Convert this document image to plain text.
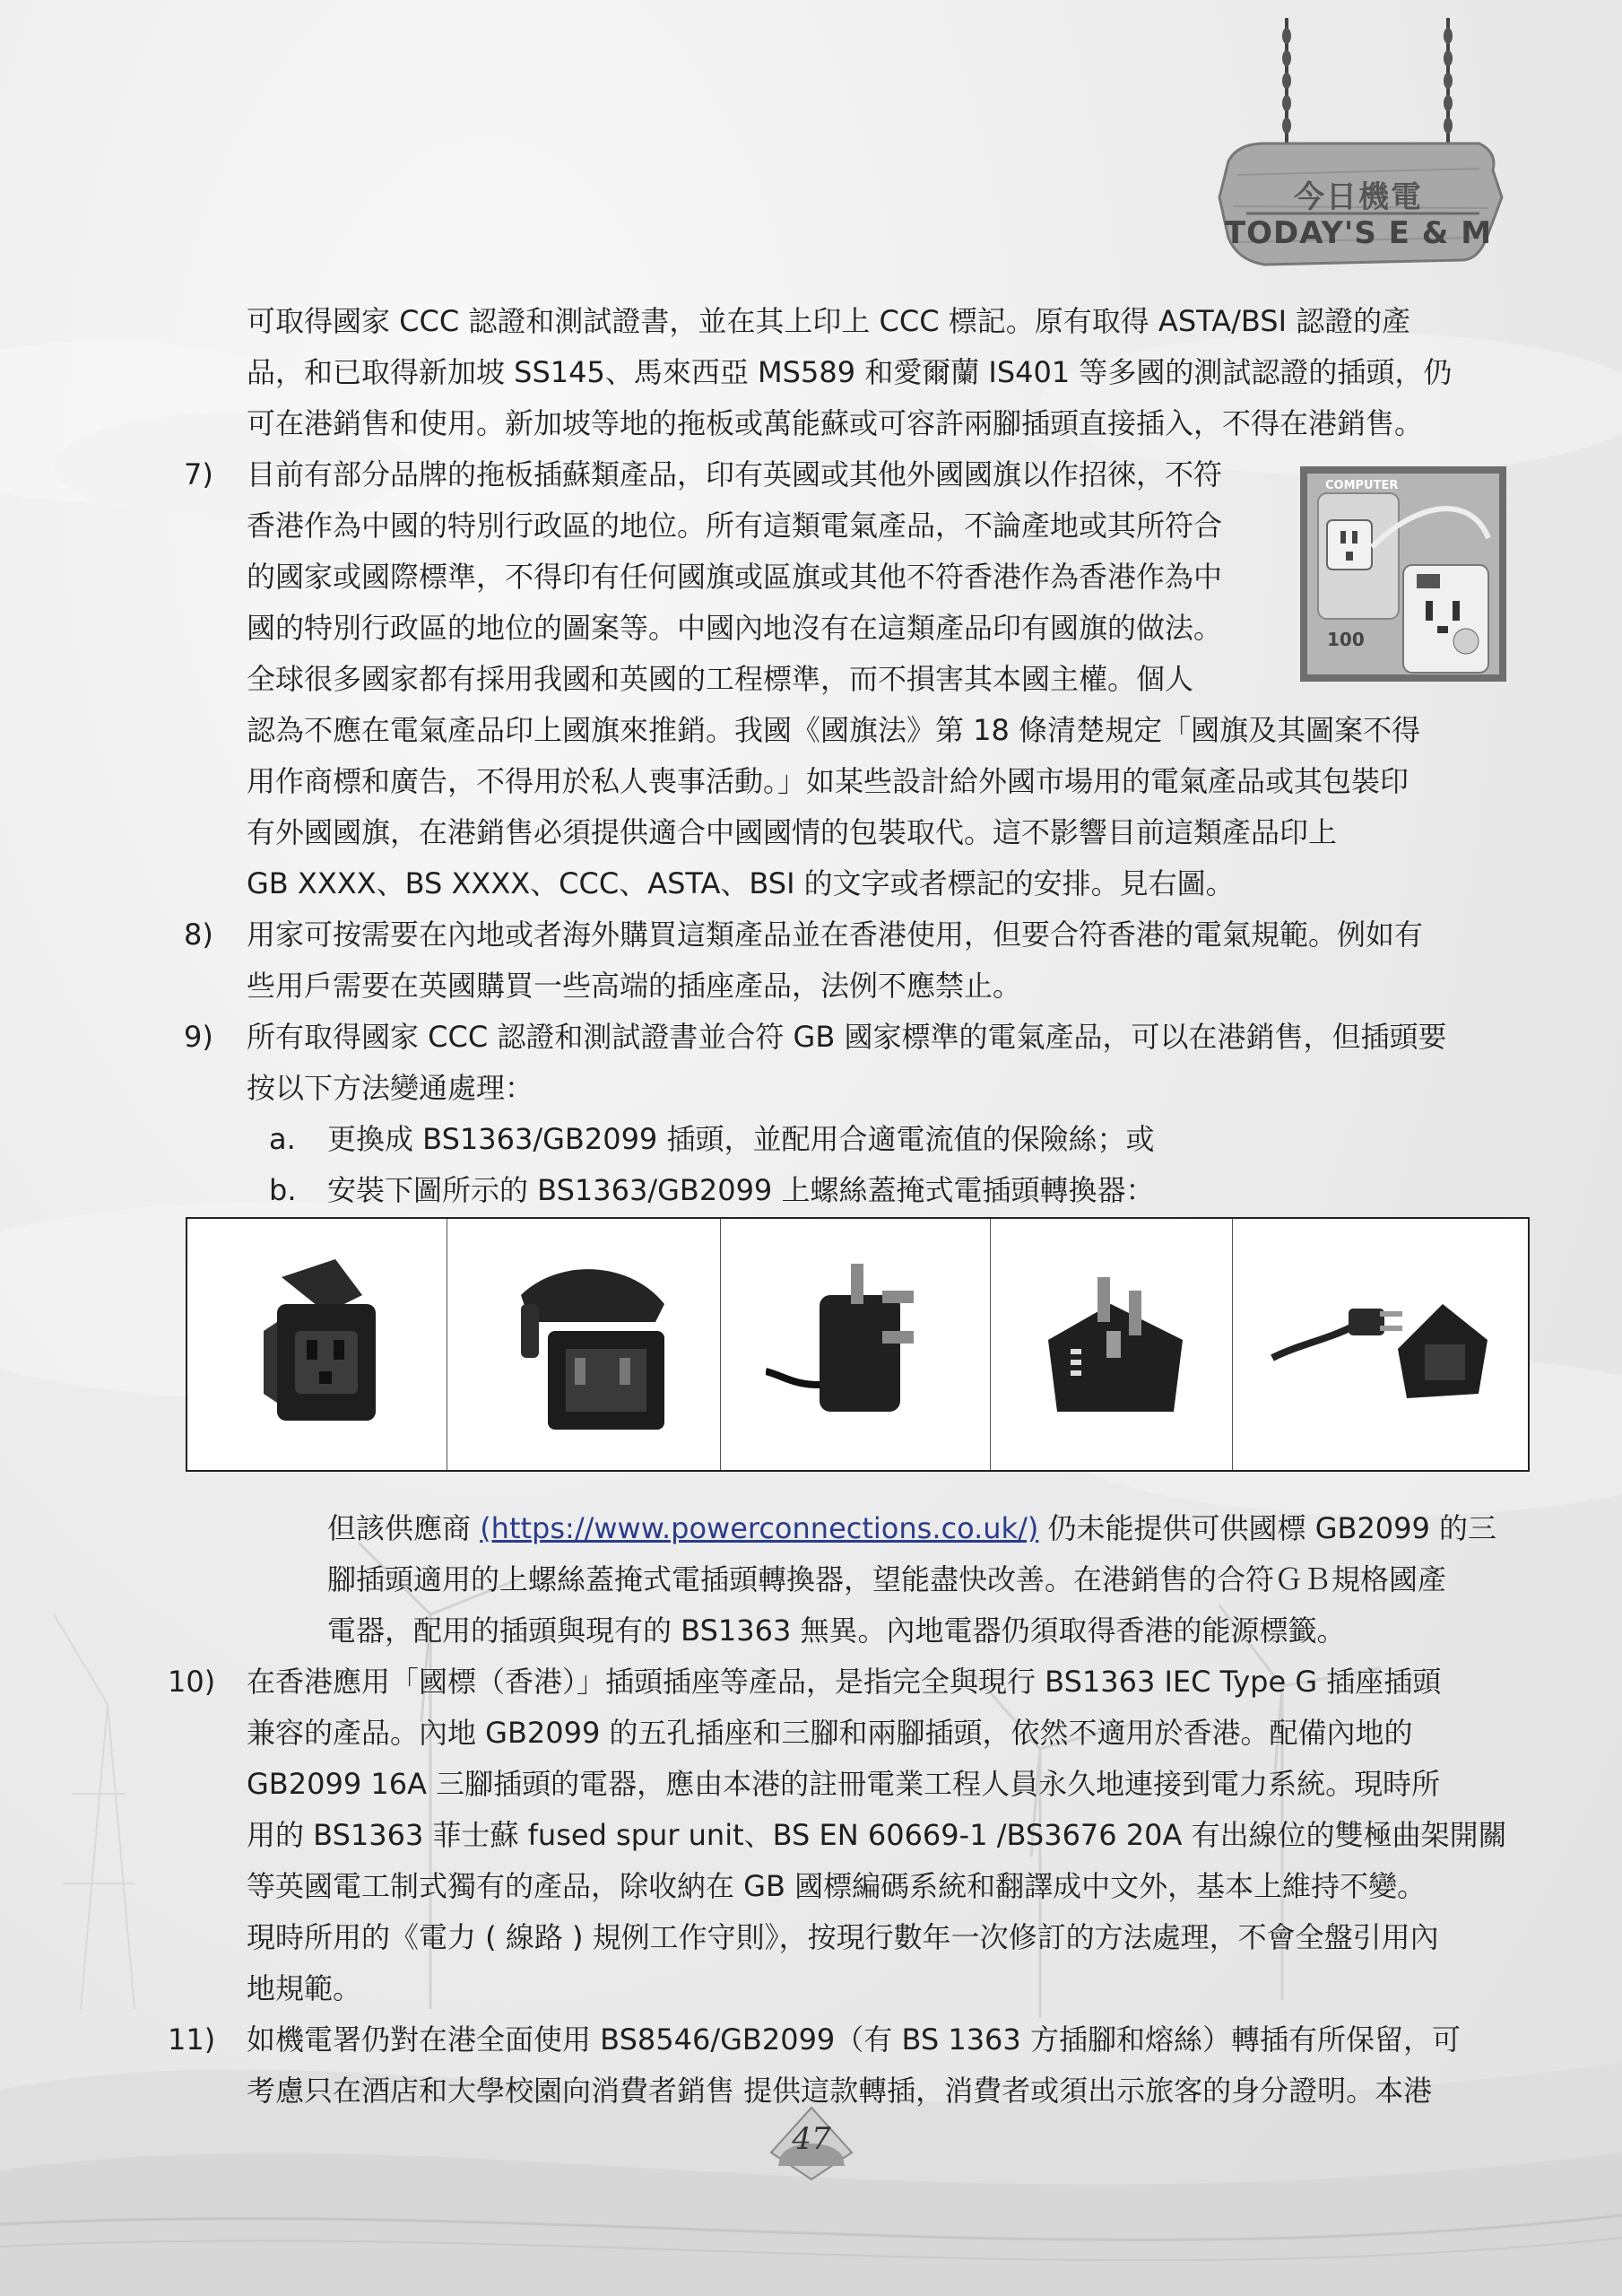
今日機電
TODAY'S E & M
COMPUTER
100
可取得國家 CCC 認證和測試證書，並在其上印上 CCC 標記。原有取得 ASTA/BSI 認證的產
品，和已取得新加坡 SS145、馬來西亞 MS589 和愛爾蘭 IS401 等多國的測試認證的插頭，仍
可在港銷售和使用。新加坡等地的拖板或萬能蘇或可容許兩腳插頭直接插入，不得在港銷售。
7)	目前有部分品牌的拖板插蘇類產品，印有英國或其他外國國旗以作招徠，不符
香港作為中國的特別行政區的地位。所有這類電氣產品，不論產地或其所符合
的國家或國際標準，不得印有任何國旗或區旗或其他不符香港作為香港作為中
國的特別行政區的地位的圖案等。中國內地沒有在這類產品印有國旗的做法。
全球很多國家都有採用我國和英國的工程標準，而不損害其本國主權。個人
認為不應在電氣產品印上國旗來推銷。我國《國旗法》第 18 條清楚規定「國旗及其圖案不得
用作商標和廣告，不得用於私人喪事活動。」如某些設計給外國市場用的電氣產品或其包裝印
有外國國旗，在港銷售必須提供適合中國國情的包裝取代。這不影響目前這類產品印上
GB XXXX、BS XXXX、CCC、ASTA、BSI 的文字或者標記的安排。見右圖。
8)	用家可按需要在內地或者海外購買這類產品並在香港使用，但要合符香港的電氣規範。例如有
些用戶需要在英國購買一些高端的插座產品，法例不應禁止。
9)	所有取得國家 CCC 認證和測試證書並合符 GB 國家標準的電氣產品，可以在港銷售，但插頭要
按以下方法變通處理：
a. 更換成 BS1363/GB2099 插頭，並配用合適電流值的保險絲；或
b. 安裝下圖所示的 BS1363/GB2099 上螺絲蓋掩式電插頭轉換器：
但該供應商 (https://www.powerconnections.co.uk/) 仍未能提供可供國標 GB2099 的三
腳插頭適用的上螺絲蓋掩式電插頭轉換器，望能盡快改善。在港銷售的合符ＧＢ規格國產
電器，配用的插頭與現有的 BS1363 無異。內地電器仍須取得香港的能源標籤。
10)	在香港應用「國標（香港）」插頭插座等產品，是指完全與現行 BS1363 IEC Type G 插座插頭
兼容的產品。內地 GB2099 的五孔插座和三腳和兩腳插頭，依然不適用於香港。配備內地的
GB2099 16A 三腳插頭的電器，應由本港的註冊電業工程人員永久地連接到電力系統。現時所
用的 BS1363 菲士蘇 fused spur unit、BS EN 60669-1 /BS3676 20A 有出線位的雙極曲架開關
等英國電工制式獨有的產品，除收納在 GB 國標編碼系統和翻譯成中文外，基本上維持不變。
現時所用的《電力 ( 線路 ) 規例工作守則》，按現行數年一次修訂的方法處理，不會全盤引用內
地規範。
11)	如機電署仍對在港全面使用 BS8546/GB2099（有 BS 1363 方插腳和熔絲）轉插有所保留，可
考慮只在酒店和大學校園向消費者銷售 提供這款轉插，消費者或須出示旅客的身分證明。本港
47
